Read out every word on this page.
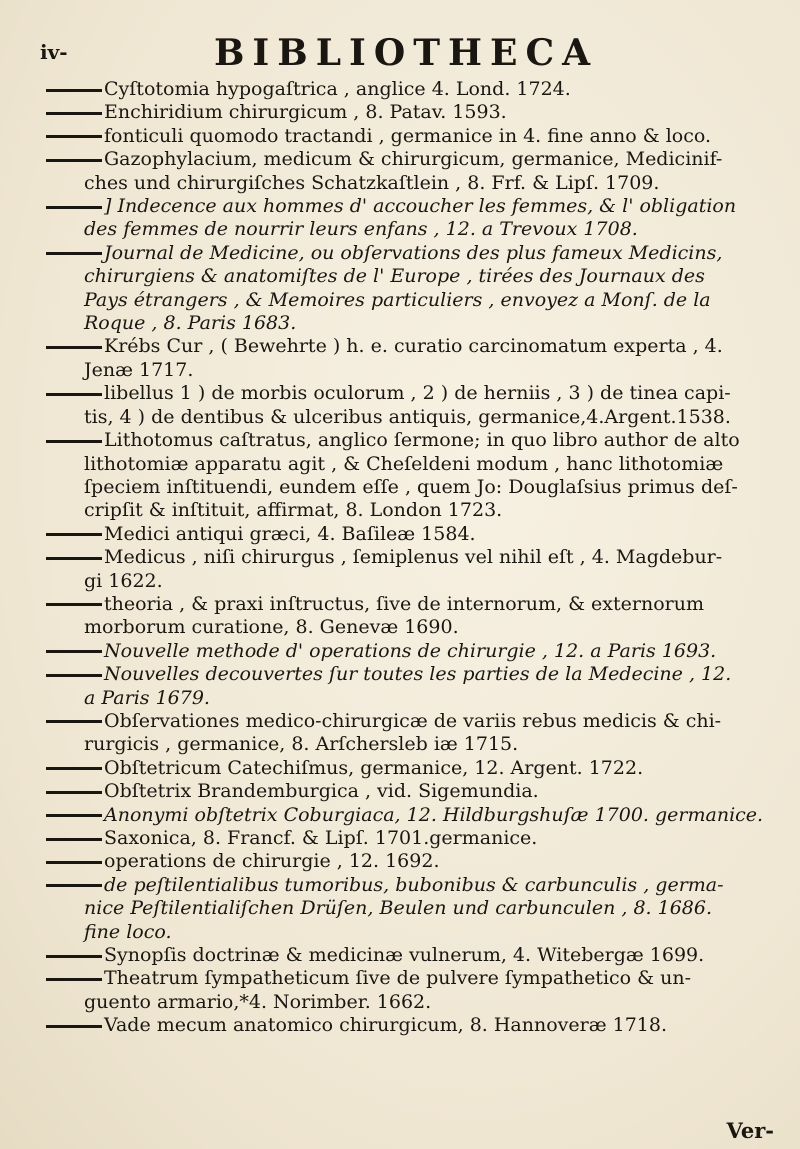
iv-	BIBLIOTHECA

Cyſtotomia hypogaſtrica , anglice 4. Lond. 1724.

Enchiridium chirurgicum , 8. Patav. 1593.

fonticuli quomodo tractandi , germanice in 4. fine anno & loco.

Gazophylacium, medicum & chirurgicum, germanice, Medicinif-
ches und chirurgiſches Schatzkaſtlein , 8. Frf. & Lipſ. 1709.

] Indecence aux hommes d' accoucher les femmes, & l' obligation
des femmes de nourrir leurs enfans , 12. a Trevoux 1708.

Journal de Medicine, ou obſervations des plus fameux Medicins,
chirurgiens & anatomiſtes de l' Europe , tirées des Journaux des
Pays étrangers , & Memoires particuliers , envoyez a Monſ. de la
Roque , 8. Paris 1683.

Krébs Cur , ( Bewehrte ) h. e. curatio carcinomatum experta , 4.
Jenæ 1717.

libellus 1 ) de morbis oculorum , 2 ) de herniis , 3 ) de tinea capi-
tis, 4 ) de dentibus & ulceribus antiquis, germanice,4.Argent.1538.

Lithotomus caſtratus, anglico ſermone; in quo libro author de alto
lithotomiæ apparatu agit , & Cheſeldeni modum , hanc lithotomiæ
ſpeciem inſtituendi, eundem eſſe , quem Jo: Douglaſsius primus deſ-
cripſit & inſtituit, affirmat, 8. London 1723.

Medici antiqui græci, 4. Baſileæ 1584.

Medicus , niſi chirurgus , ſemiplenus vel nihil eſt , 4. Magdebur-
gi 1622.

theoria , & praxi inſtructus, ſive de internorum, & externorum
morborum curatione, 8. Genevæ 1690.

Nouvelle methode d' operations de chirurgie , 12. a Paris 1693.

Nouvelles decouvertes ſur toutes les parties de la Medecine , 12.
a Paris 1679.

Obſervationes medico-chirurgicæ de variis rebus medicis & chi-
rurgicis , germanice, 8. Arſchersleb iæ 1715.

Obſtetricum Catechiſmus, germanice, 12. Argent. 1722.

Obſtetrix Brandemburgica , vid. Sigemundia.

Anonymi obſtetrix Coburgiaca, 12. Hildburgshuſæ 1700. germanice.

Saxonica, 8. Francf. & Lipſ. 1701.germanice.

operations de chirurgie , 12. 1692.

de peſtilentialibus tumoribus, bubonibus & carbunculis , germa-
nice Peſtilentialiſchen Drüſen, Beulen und carbunculen , 8. 1686.
fine loco.

Synopſis doctrinæ & medicinæ vulnerum, 4. Witebergæ 1699.

Theatrum ſympatheticum ſive de pulvere ſympathetico & un-
guento armario,*4. Norimber. 1662.

Vade mecum anatomico chirurgicum, 8. Hannoveræ 1718.

Ver-
